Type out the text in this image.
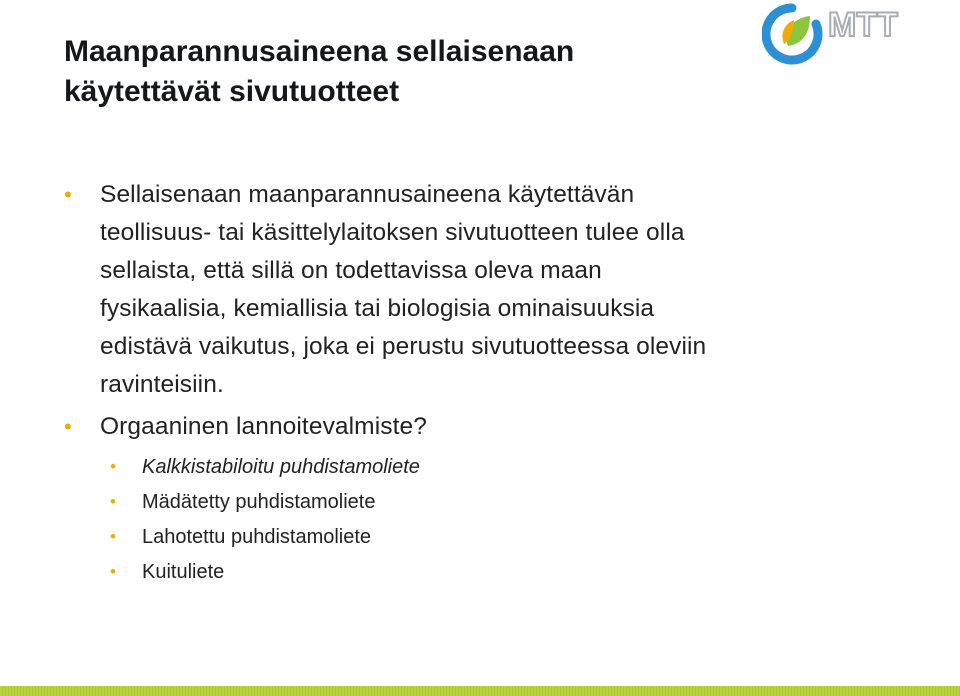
MTT
Maanparannusaineena sellaisenaan
käytettävät sivutuotteet
• Sellaisenaan maanparannusaineena käytettävän
teollisuus- tai käsittelylaitoksen sivutuotteen tulee olla
sellaista, että sillä on todettavissa oleva maan
fysikaalisia, kemiallisia tai biologisia ominaisuuksia
edistävä vaikutus, joka ei perustu sivutuotteessa oleviin
ravinteisiin.
• Orgaaninen lannoitevalmiste?
• Kalkkistabiloitu puhdistamoliete
• Mädätetty puhdistamoliete
• Lahotettu puhdistamoliete
• Kuituliete
